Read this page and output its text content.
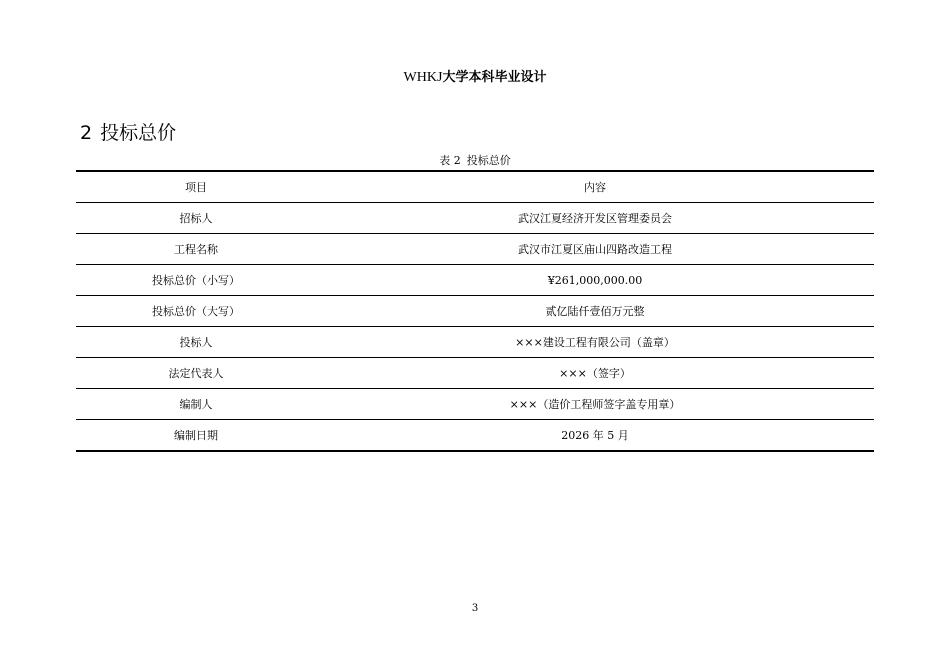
WHKJ大学本科毕业设计
2 投标总价
表 2 投标总价
项目	内容
招标人	武汉江夏经济开发区管理委员会
工程名称	武汉市江夏区庙山四路改造工程
投标总价（小写）	¥261,000,000.00
投标总价（大写）	贰亿陆仟壹佰万元整
投标人	×××建设工程有限公司（盖章）
法定代表人	×××（签字）
编制人	×××（造价工程师签字盖专用章）
编制日期	2026 年 5 月
3
